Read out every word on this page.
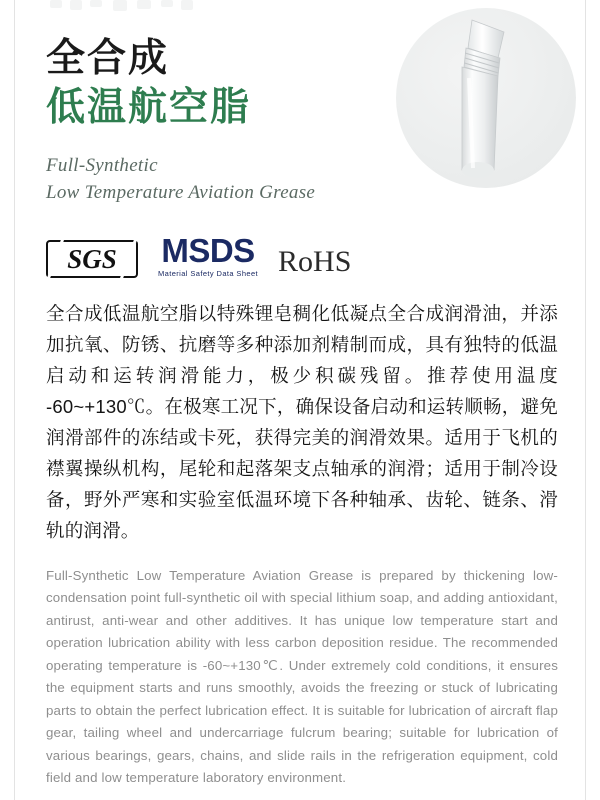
全合成
低温航空脂
Full-Synthetic
Low Temperature Aviation Grease
SGS	MSDS
Material Safety Data Sheet RoHS

全合成低温航空脂以特殊锂皂稠化低凝点全合成润滑油，并添加抗氧、防锈、抗磨等多种添加剂精制而成，具有独特的低温启动和运转润滑能力，极少积碳残留。推荐使用温度 -60~+130℃。在极寒工况下，确保设备启动和运转顺畅，避免润滑部件的冻结或卡死，获得完美的润滑效果。适用于飞机的襟翼操纵机构，尾轮和起落架支点轴承的润滑；适用于制冷设备，野外严寒和实验室低温环境下各种轴承、齿轮、链条、滑轨的润滑。

Full-Synthetic Low Temperature Aviation Grease is prepared by thickening low-condensation point full-synthetic oil with special lithium soap, and adding antioxidant, antirust, anti-wear and other additives. It has unique low temperature start and operation lubrication ability with less carbon deposition residue. The recommended operating temperature is -60~+130℃. Under extremely cold conditions, it ensures the equipment starts and runs smoothly, avoids the freezing or stuck of lubricating parts to obtain the perfect lubrication effect. It is suitable for lubrication of aircraft flap gear, tailing wheel and undercarriage fulcrum bearing; suitable for lubrication of various bearings, gears, chains, and slide rails in the refrigeration equipment, cold field and low temperature laboratory environment.
